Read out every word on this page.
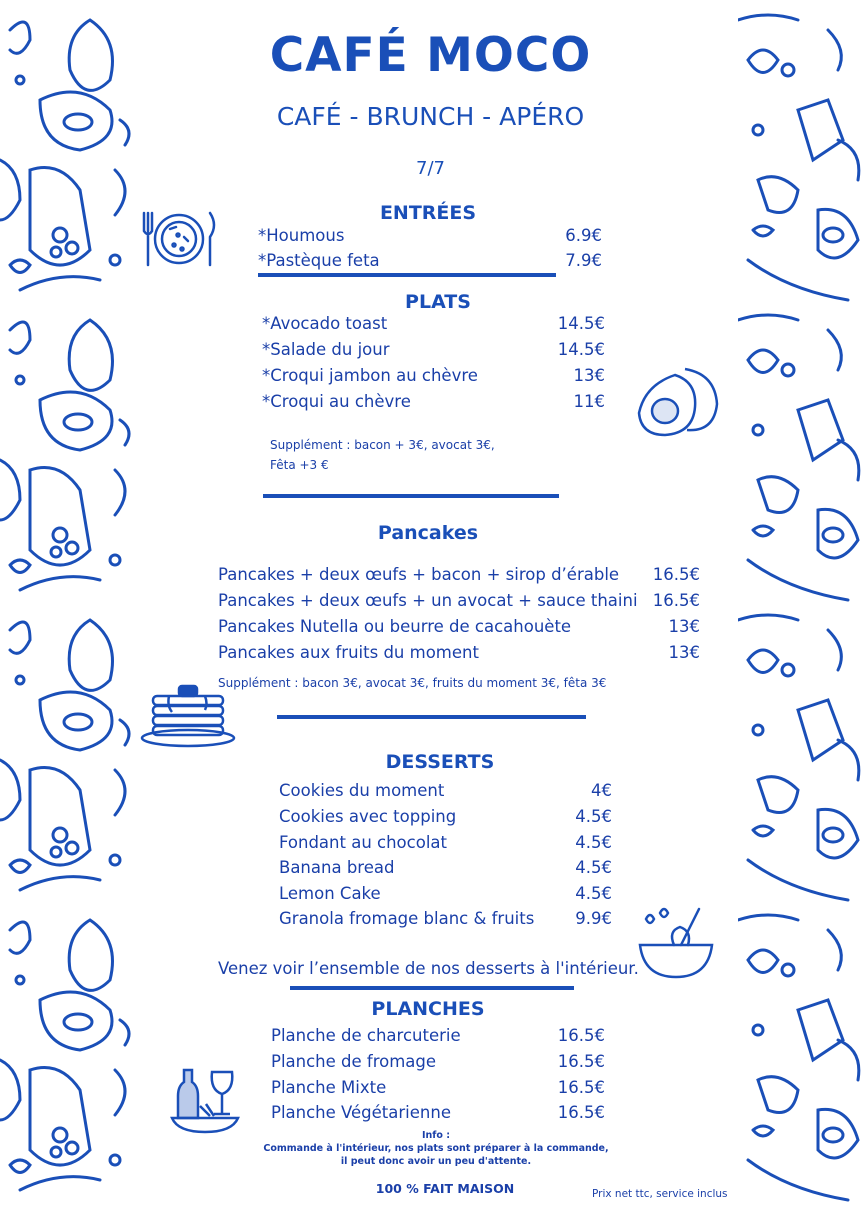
CAFÉ MOCO
CAFÉ - BRUNCH - APÉRO
7/7
ENTRÉES
*Houmous	6.9€
*Pastèque feta	7.9€
PLATS
*Avocado toast	14.5€
*Salade du jour	14.5€
*Croqui jambon au chèvre	13€
*Croqui au chèvre	11€
Supplément : bacon + 3€, avocat 3€,
Fêta +3 €
Pancakes
Pancakes + deux œufs + bacon + sirop d’érable	16.5€
Pancakes + deux œufs + un avocat + sauce thaini 16.5€
Pancakes Nutella ou beurre de cacahouète	13€
Pancakes aux fruits du moment	13€
Supplément : bacon 3€, avocat 3€, fruits du moment 3€, fêta 3€
DESSERTS
Cookies du moment	4€
Cookies avec topping	4.5€
Fondant au chocolat	4.5€
Banana bread	4.5€
Lemon Cake	4.5€
Granola fromage blanc & fruits	9.9€
Venez voir l’ensemble de nos desserts à l'intérieur.
PLANCHES
Planche de charcuterie	16.5€
Planche de fromage	16.5€
Planche Mixte	16.5€
Planche Végétarienne	16.5€
Info :
Commande à l'intérieur, nos plats sont préparer à la commande,
il peut donc avoir un peu d'attente.
100 % FAIT MAISON	Prix net ttc, service inclus
